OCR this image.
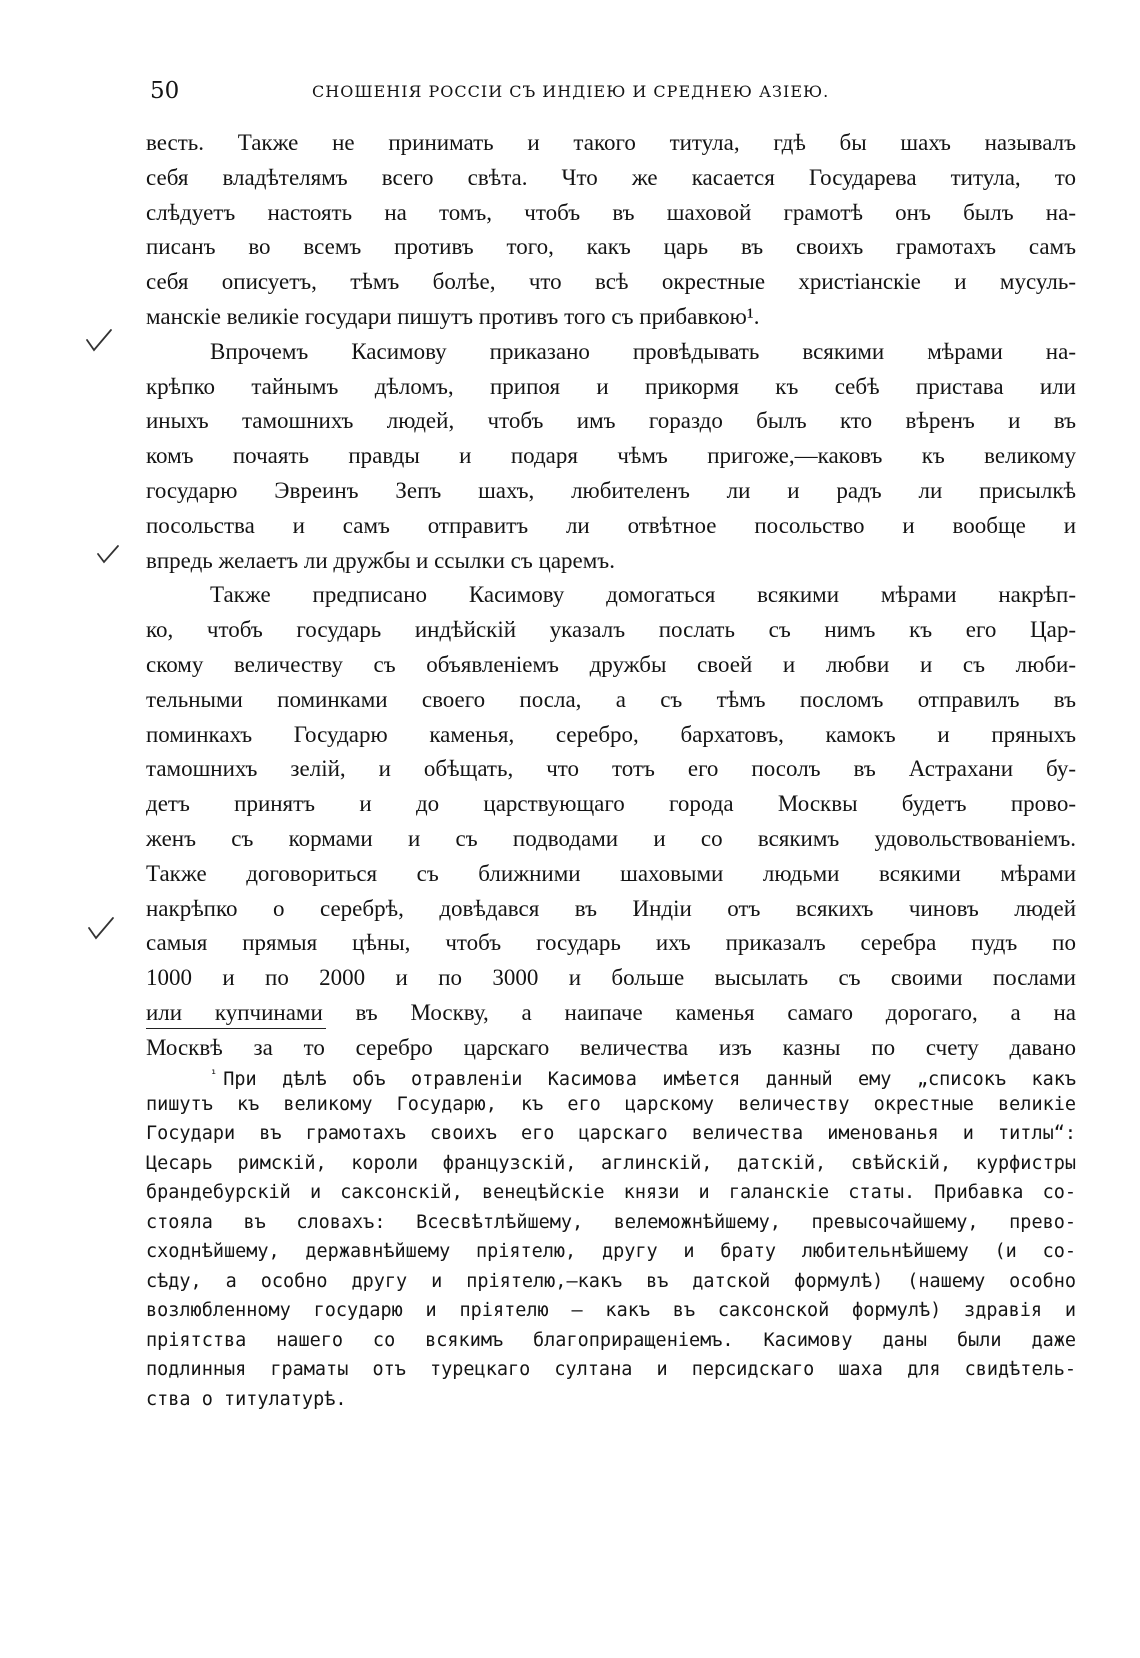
50	СНОШЕНІЯ РОССІИ СЪ ИНДІЕЮ И СРЕДНЕЮ АЗІЕЮ.
весть. Также не принимать и такого титула, гдѣ бы шахъ называлъ
себя владѣтелямъ всего свѣта. Что же касается Государева титула, то
слѣдуетъ настоять на томъ, чтобъ въ шаховой грамотѣ онъ былъ на-
писанъ во всемъ противъ того, какъ царь въ своихъ грамотахъ самъ
себя описуетъ, тѣмъ болѣе, что всѣ окрестные христіанскіе и мусуль-
манскіе великіе государи пишутъ противъ того съ прибавкою¹.
Впрочемъ Касимову приказано провѣдывать всякими мѣрами на-
крѣпко тайнымъ дѣломъ, припоя и прикормя къ себѣ пристава или
иныхъ тамошнихъ людей, чтобъ имъ гораздо былъ кто вѣренъ и въ
комъ почаять правды и подаря чѣмъ пригоже,—каковъ къ великому
государю Эвреинъ Зепъ шахъ, любителенъ ли и радъ ли присылкѣ
посольства и самъ отправитъ ли отвѣтное посольство и вообще и
впредь желаетъ ли дружбы и ссылки съ царемъ.
Также предписано Касимову домогаться всякими мѣрами накрѣп-
ко, чтобъ государь индѣйскій указалъ послать съ нимъ къ его Цар-
скому величеству съ объявленіемъ дружбы своей и любви и съ люби-
тельными поминками своего посла, а съ тѣмъ посломъ отправилъ въ
поминкахъ Государю каменья, серебро, бархатовъ, камокъ и пряныхъ
тамошнихъ зелій, и обѣщать, что тотъ его посолъ въ Астрахани бу-
детъ принятъ и до царствующаго города Москвы будетъ прово-
женъ съ кормами и съ подводами и со всякимъ удовольствованіемъ.
Также договориться съ ближними шаховыми людьми всякими мѣрами
накрѣпко о серебрѣ, довѣдався въ Индіи отъ всякихъ чиновъ людей
самыя прямыя цѣны, чтобъ государь ихъ приказалъ серебра пудъ по
1000 и по 2000 и по 3000 и больше высылать съ своими послами
или купчинами въ Москву, а наипаче каменья самаго дорогаго, а на
Москвѣ за то серебро царскаго величества изъ казны по счету давано
$^{^1}$ При дѣлѣ объ отравленіи Касимова имѣется данный ему „списокъ какъ
пишутъ къ великому Государю, къ его царскому величеству окрестные великіе
Государи въ грамотахъ своихъ его царскаго величества именованья и титлы“:
Цесарь римскій, короли французскій, аглинскій, датскій, свѣйскій, курфистры
брандебурскій и саксонскій, венецѣйскіе князи и галанскіе статы. Прибавка со-
стояла въ словахъ: Всесвѣтлѣйшему, велеможнѣйшему, превысочайшему, прево-
сходнѣйшему, державнѣйшему пріятелю, другу и брату любительнѣйшему (и со-
сѣду, а особно другу и пріятелю,—какъ въ датской формулѣ) (нашему особно
возлюбленному государю и пріятелю — какъ въ саксонской формулѣ) здравія и
пріятства нашего со всякимъ благоприращеніемъ. Касимову даны были даже
подлинныя граматы отъ турецкаго султана и персидскаго шаха для свидѣтель-
ства о титулатурѣ.
